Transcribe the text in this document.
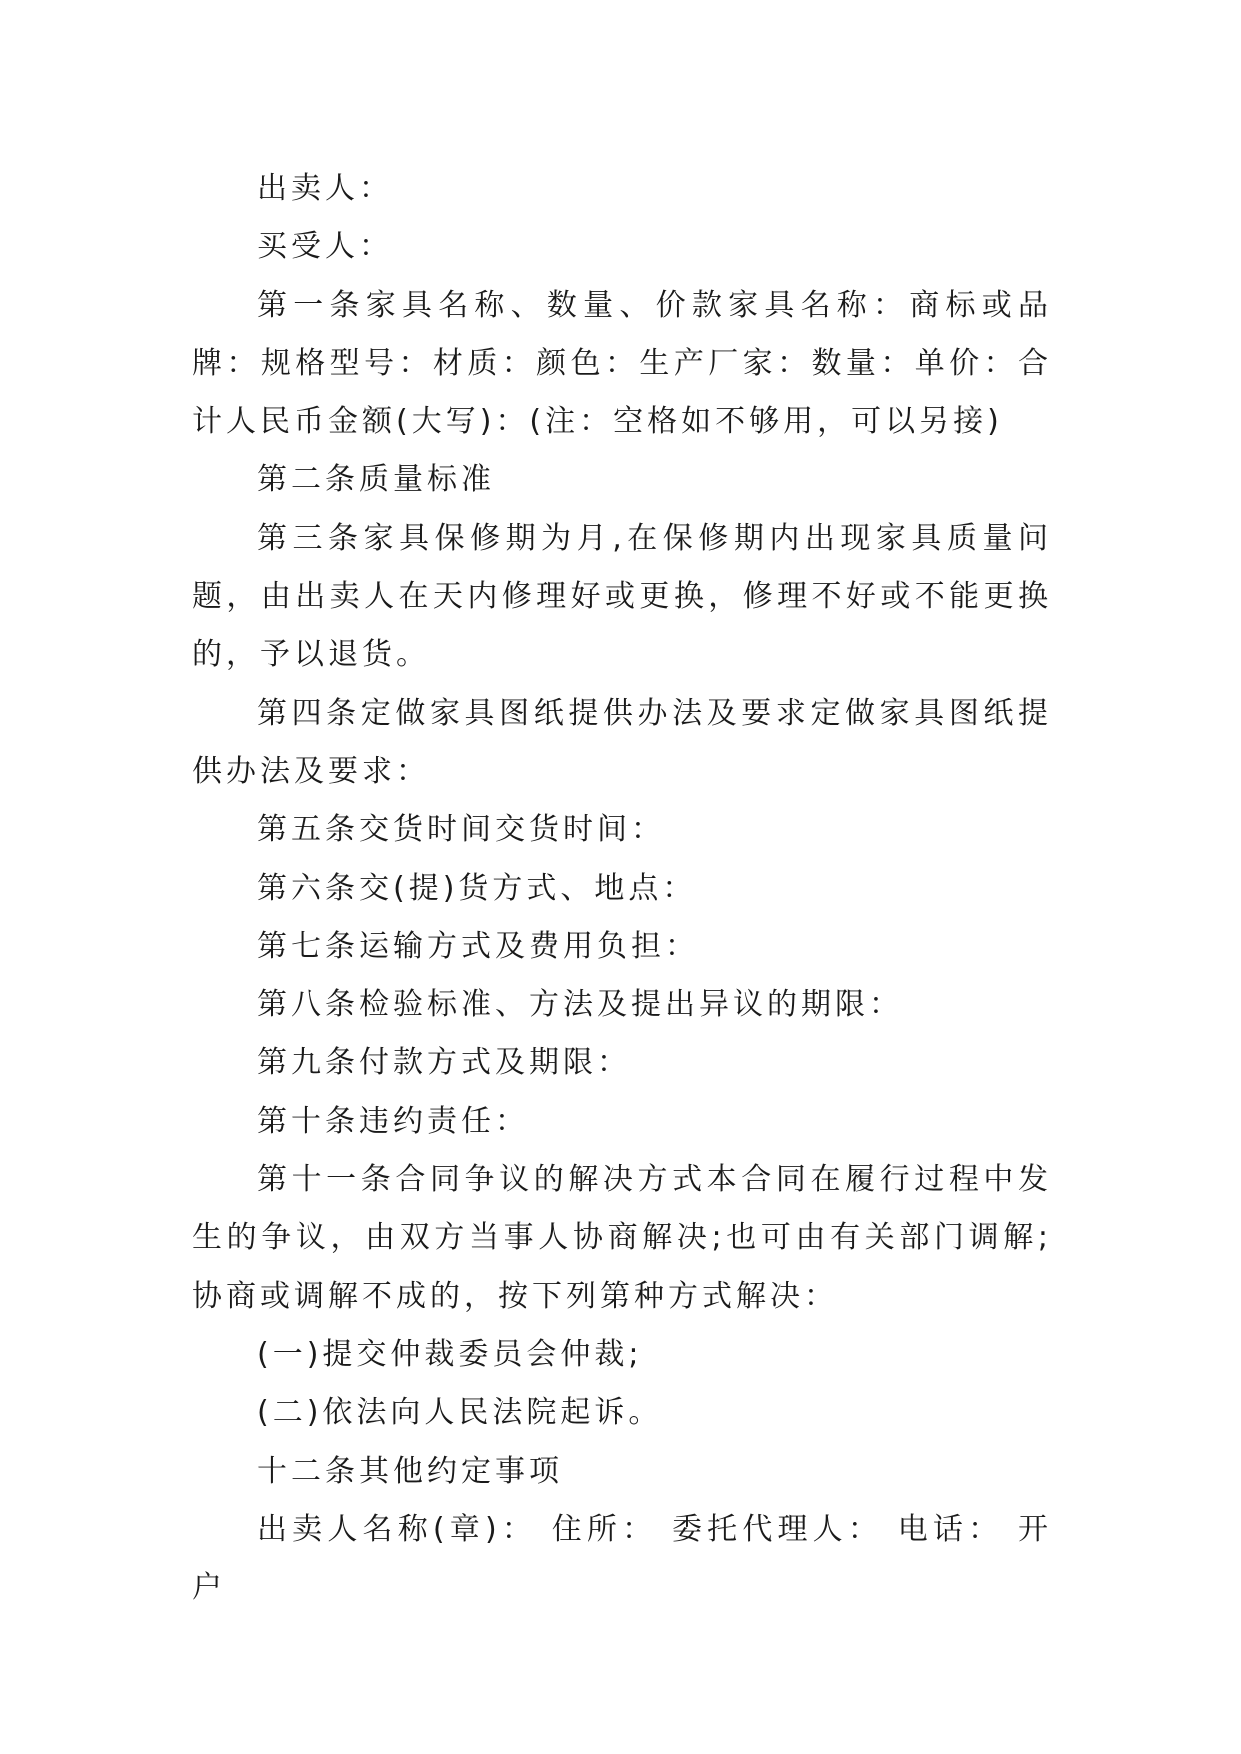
出卖人：

买受人：

第一条家具名称、数量、价款家具名称：商标或品牌：规格型号：材质：颜色：生产厂家：数量：单价：合计人民币金额(大写)：(注：空格如不够用，可以另接)

第二条质量标准

第三条家具保修期为月,在保修期内出现家具质量问题，由出卖人在天内修理好或更换，修理不好或不能更换的，予以退货。

第四条定做家具图纸提供办法及要求定做家具图纸提供办法及要求：

第五条交货时间交货时间：

第六条交(提)货方式、地点：

第七条运输方式及费用负担：

第八条检验标准、方法及提出异议的期限：

第九条付款方式及期限：

第十条违约责任：

第十一条合同争议的解决方式本合同在履行过程中发生的争议，由双方当事人协商解决;也可由有关部门调解;协商或调解不成的，按下列第种方式解决：

(一)提交仲裁委员会仲裁;

(二)依法向人民法院起诉。

十二条其他约定事项

出卖人名称(章)： 住所： 委托代理人： 电话： 开户
